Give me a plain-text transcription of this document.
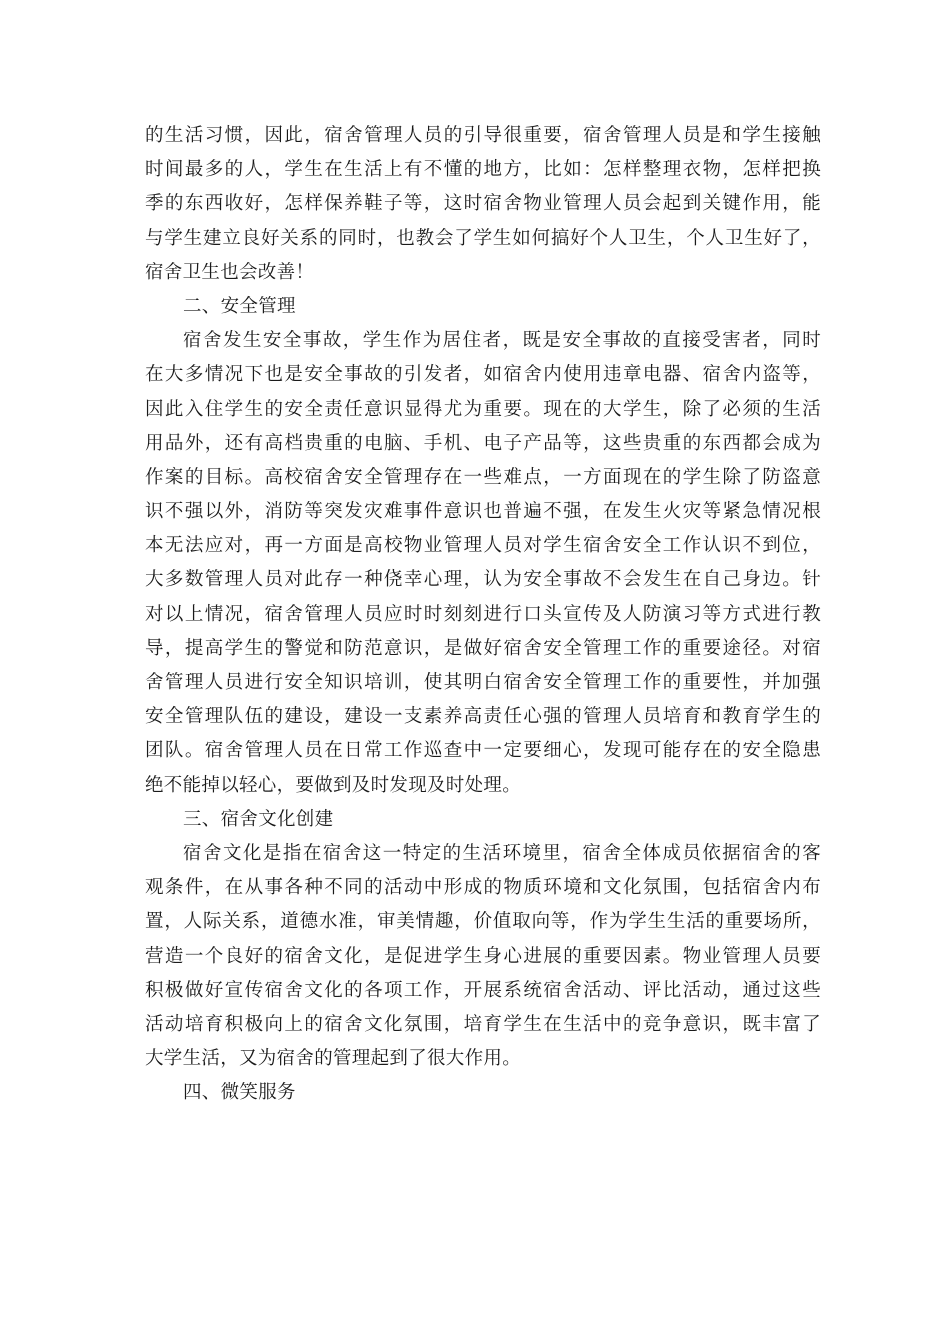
的生活习惯，因此，宿舍管理人员的引导很重要，宿舍管理人员是和学生接触
时间最多的人，学生在生活上有不懂的地方，比如：怎样整理衣物，怎样把换
季的东西收好，怎样保养鞋子等，这时宿舍物业管理人员会起到关键作用，能
与学生建立良好关系的同时，也教会了学生如何搞好个人卫生，个人卫生好了，
宿舍卫生也会改善！
二、安全管理
宿舍发生安全事故，学生作为居住者，既是安全事故的直接受害者，同时
在大多情况下也是安全事故的引发者，如宿舍内使用违章电器、宿舍内盗等，
因此入住学生的安全责任意识显得尤为重要。现在的大学生，除了必须的生活
用品外，还有高档贵重的电脑、手机、电子产品等，这些贵重的东西都会成为
作案的目标。高校宿舍安全管理存在一些难点，一方面现在的学生除了防盗意
识不强以外，消防等突发灾难事件意识也普遍不强，在发生火灾等紧急情况根
本无法应对，再一方面是高校物业管理人员对学生宿舍安全工作认识不到位，
大多数管理人员对此存一种侥幸心理，认为安全事故不会发生在自己身边。针
对以上情况，宿舍管理人员应时时刻刻进行口头宣传及人防演习等方式进行教
导，提高学生的警觉和防范意识，是做好宿舍安全管理工作的重要途径。对宿
舍管理人员进行安全知识培训，使其明白宿舍安全管理工作的重要性，并加强
安全管理队伍的建设，建设一支素养高责任心强的管理人员培育和教育学生的
团队。宿舍管理人员在日常工作巡查中一定要细心，发现可能存在的安全隐患
绝不能掉以轻心，要做到及时发现及时处理。
三、宿舍文化创建
宿舍文化是指在宿舍这一特定的生活环境里，宿舍全体成员依据宿舍的客
观条件，在从事各种不同的活动中形成的物质环境和文化氛围，包括宿舍内布
置，人际关系，道德水准，审美情趣，价值取向等，作为学生生活的重要场所，
营造一个良好的宿舍文化，是促进学生身心进展的重要因素。物业管理人员要
积极做好宣传宿舍文化的各项工作，开展系统宿舍活动、评比活动，通过这些
活动培育积极向上的宿舍文化氛围，培育学生在生活中的竞争意识，既丰富了
大学生活，又为宿舍的管理起到了很大作用。
四、微笑服务
